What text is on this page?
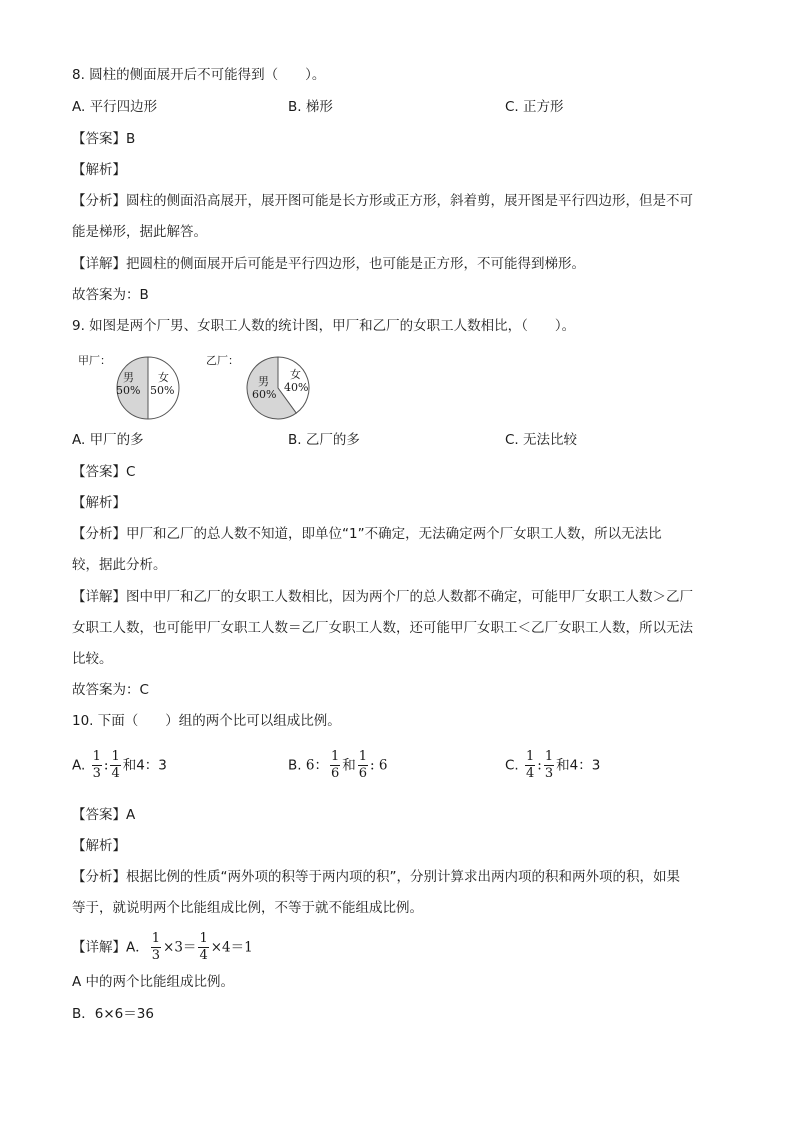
8. 圆柱的侧面展开后不可能得到（　　）。
A. 平行四边形	B. 梯形	C. 正方形
【答案】B
【解析】
【分析】圆柱的侧面沿高展开，展开图可能是长方形或正方形，斜着剪，展开图是平行四边形，但是不可
能是梯形，据此解答。
【详解】把圆柱的侧面展开后可能是平行四边形，也可能是正方形，不可能得到梯形。
故答案为：B
9. 如图是两个厂男、女职工人数的统计图，甲厂和乙厂的女职工人数相比，（　　）。
甲厂：
男
50%
女
50%
乙厂：
男
60%
女
40%
A. 甲厂的多	B. 乙厂的多	C. 无法比较
【答案】C
【解析】
【分析】甲厂和乙厂的总人数不知道，即单位“1”不确定，无法确定两个厂女职工人数，所以无法比
较，据此分析。
【详解】图中甲厂和乙厂的女职工人数相比，因为两个厂的总人数都不确定，可能甲厂女职工人数＞乙厂
女职工人数，也可能甲厂女职工人数＝乙厂女职工人数，还可能甲厂女职工＜乙厂女职工人数，所以无法
比较。
故答案为：C
10. 下面（　　）组的两个比可以组成比例。
A. $\frac{1}{3}$ : $\frac{1}{4}$ 和4：3	B. 6： $\frac{1}{6}$ 和 $\frac{1}{6}$ : 6	C. $\frac{1}{4}$ : $\frac{1}{3}$ 和4：3
【答案】A
【解析】
【分析】根据比例的性质“两外项的积等于两内项的积”，分别计算求出两内项的积和两外项的积，如果
等于，就说明两个比能组成比例，不等于就不能组成比例。
【详解】A． $\frac{1}{3} \times 3= \frac{1}{4} \times 4=1$
A 中的两个比能组成比例。
B．6×6＝36
